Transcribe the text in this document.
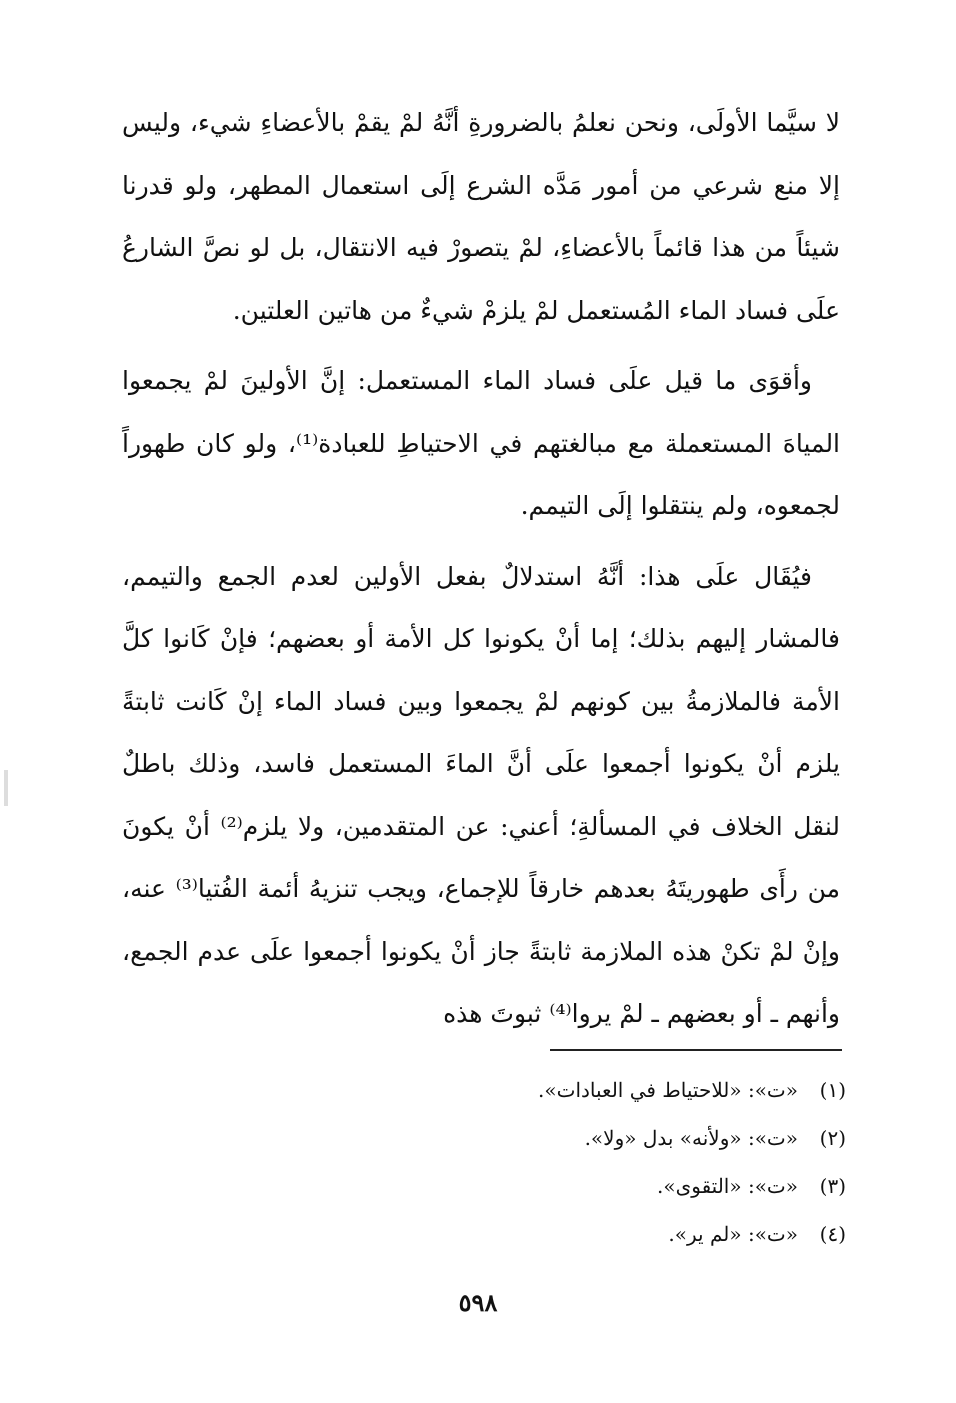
لا سيَّما الأولَى، ونحن نعلمُ بالضرورةِ أنَّهُ لمْ يقمْ بالأعضاءِ شيء، وليس إلا منع شرعي من أمور مَدَّه الشرع إلَى استعمال المطهر، ولو قدرنا شيئاً من هذا قائماً بالأعضاءِ، لمْ يتصورْ فيه الانتقال، بل لو نصَّ الشارعُ علَى فساد الماء المُستعمل لمْ يلزمْ شيءٌ من هاتين العلتين.

وأقوَى ما قيل علَى فساد الماء المستعمل: إنَّ الأولينَ لمْ يجمعوا المياهَ المستعملة مع مبالغتهم في الاحتياطِ للعبادة⁽¹⁾، ولو كان طهوراً لجمعوه، ولم ينتقلوا إلَى التيمم.

فيُقَال علَى هذا: أنَّهُ استدلالٌ بفعل الأولين لعدم الجمع والتيمم، فالمشار إليهم بذلك؛ إما أنْ يكونوا كل الأمة أو بعضهم؛ فإنْ كَانوا كلَّ الأمة فالملازمةُ بين كونهم لمْ يجمعوا وبين فساد الماء إنْ كَانت ثابتةً يلزم أنْ يكونوا أجمعوا علَى أنَّ الماءَ المستعمل فاسد، وذلك باطلٌ لنقل الخلاف في المسألةِ؛ أعني: عن المتقدمين، ولا يلزم⁽²⁾ أنْ يكونَ من رأَى طهوريتَهُ بعدهم خارقاً للإجماع، ويجب تنزيهُ أئمة الفُتيا⁽³⁾ عنه، وإنْ لمْ تكنْ هذه الملازمة ثابتةً جاز أنْ يكونوا أجمعوا علَى عدم الجمع، وأنهم ـ أو بعضهم ـ لمْ يروا⁽⁴⁾ ثبوتَ هذه

(١)«ت»: «للاحتياط في العبادات».
(٢)«ت»: «ولأنه» بدل «ولا».
(٣)«ت»: «التقوى».
(٤)«ت»: «لم ير».
٥٩٨
